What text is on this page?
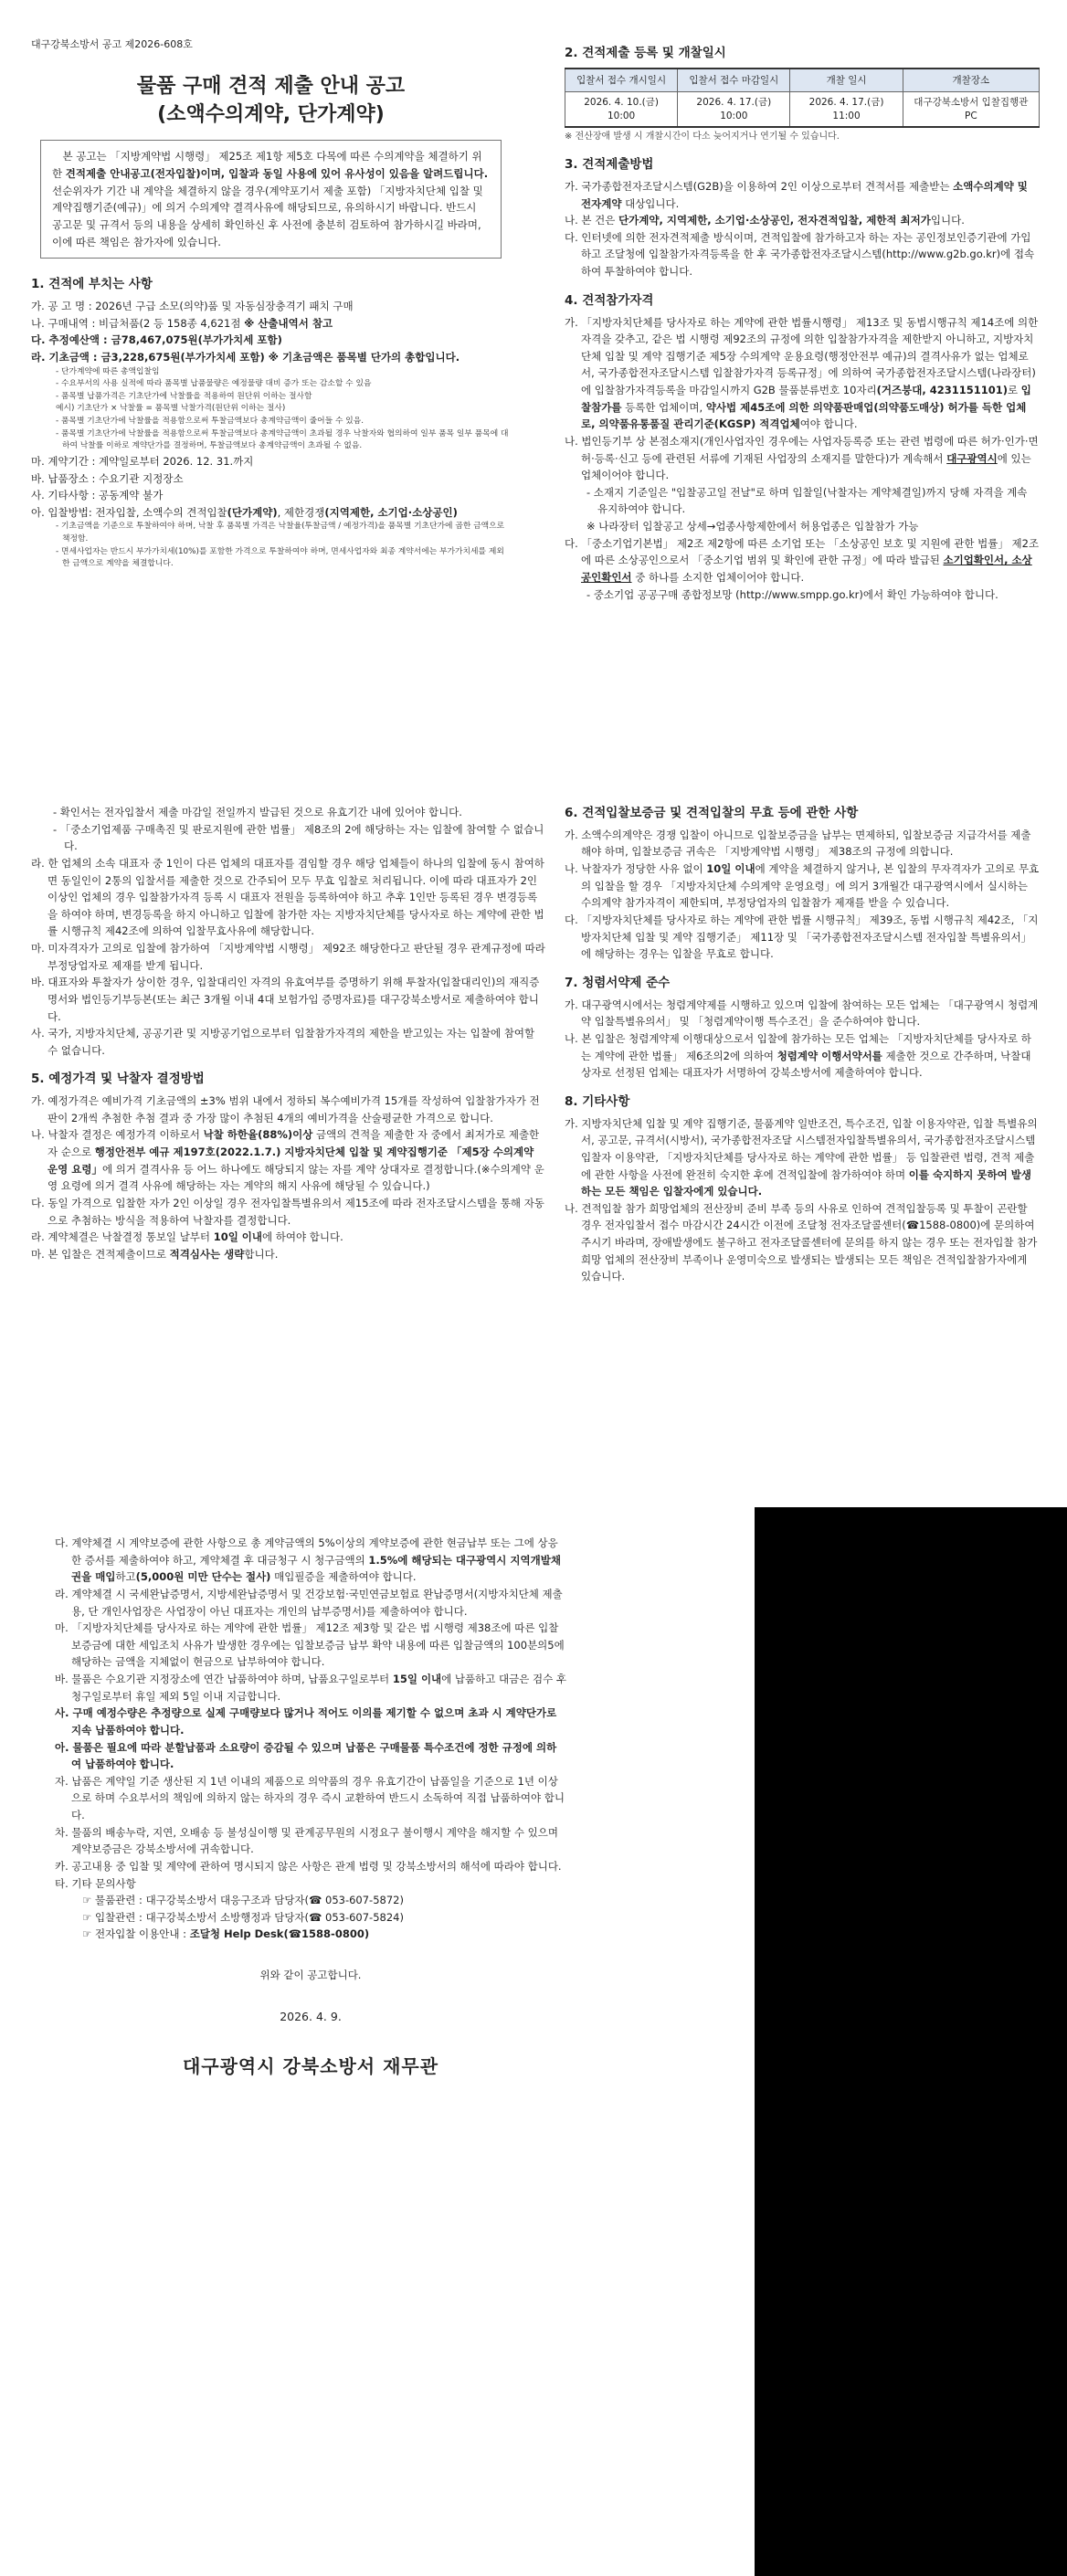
대구강북소방서 공고 제2026-608호
물품 구매 견적 제출 안내 공고
(소액수의계약, 단가계약)

본 공고는 「지방계약법 시행령」 제25조 제1항 제5호 다목에 따른 수의계약을 체결하기 위한 견적제출 안내공고(전자입찰)이며, 입찰과 동일 사용에 있어 유사성이 있음을 알려드립니다. 선순위자가 기간 내 계약을 체결하지 않을 경우(계약포기서 제출 포함) 「지방자치단체 입찰 및 계약집행기준(예규)」에 의거 수의계약 결격사유에 해당되므로, 유의하시기 바랍니다. 반드시 공고문 및 규격서 등의 내용을 상세히 확인하신 후 사전에 충분히 검토하여 참가하시길 바라며, 이에 따른 책임은 참가자에 있습니다.

1. 견적에 부치는 사항
가. 공 고 명 : 2026년 구급 소모(의약)품 및 자동심장충격기 패치 구매
나. 구매내역 : 비급처품(2 등 158종 4,621점 ※ 산출내역서 참고
다. 추정예산액 : 금78,467,075원(부가가치세 포함)
라. 기초금액 : 금3,228,675원(부가가치세 포함) ※ 기초금액은 품목별 단가의 총합입니다.
- 단가계약에 따른 총액입찰임
- 수요부서의 사용 실적에 따라 품목별 납품물량은 예정물량 대비 증가 또는 감소할 수 있음
- 품목별 납품가격은 기초단가에 낙찰률을 적용하여 원단위 이하는 절사함
예시) 기초단가 × 낙찰률 = 품목별 낙찰가격(원단위 이하는 절사)
- 품목별 기초단가에 낙찰률을 적용함으로써 투찰금액보다 총계약금액이 줄어들 수 있음.
- 품목별 기초단가에 낙찰률을 적용함으로써 투찰금액보다 총계약금액이 초과될 경우 낙찰자와 협의하여 일부 품목 일부 품목에 대하여 낙찰률 이하로 계약단가를 결정하며, 투찰금액보다 총계약금액이 초과될 수 없음.
마. 계약기간 : 계약일로부터 2026. 12. 31.까지
바. 납품장소 : 수요기관 지정장소
사. 기타사항 : 공동계약 불가
아. 입찰방법: 전자입찰, 소액수의 견적입찰(단가계약), 제한경쟁(지역제한, 소기업·소상공인)
- 기초금액을 기준으로 투찰하여야 하며, 낙찰 후 품목별 가격은 낙찰율(투찰금액 / 예정가격)을 품목별 기초단가에 곱한 금액으로 책정함.
- 면세사업자는 반드시 부가가치세(10%)를 포함한 가격으로 투찰하여야 하며, 면세사업자와 최종 계약서에는 부가가치세를 제외한 금액으로 계약을 체결합니다.
2. 견적제출 등록 및 개찰일시
입찰서 접수 개시일시	입찰서 접수 마감일시	개찰 일시	개찰장소
2026. 4. 10.(금) 10:00	2026. 4. 17.(금) 10:00	2026. 4. 17.(금) 11:00	대구강북소방서 입찰집행관 PC
※ 전산장애 발생 시 개찰시간이 다소 늦어지거나 연기될 수 있습니다.
3. 견적제출방법
가. 국가종합전자조달시스템(G2B)을 이용하여 2인 이상으로부터 견적서를 제출받는 소액수의계약 및 전자계약 대상입니다.
나. 본 건은 단가계약, 지역제한, 소기업·소상공인, 전자견적입찰, 제한적 최저가입니다.
다. 인터넷에 의한 전자견적제출 방식이며, 견적입찰에 참가하고자 하는 자는 공인정보인증기관에 가입하고 조달청에 입찰참가자격등록을 한 후 국가종합전자조달시스템(http://www.g2b.go.kr)에 접속하여 투찰하여야 합니다.
4. 견적참가자격
가. 「지방자치단체를 당사자로 하는 계약에 관한 법률시행령」 제13조 및 동법시행규칙 제14조에 의한 자격을 갖추고, 같은 법 시행령 제92조의 규정에 의한 입찰참가자격을 제한받지 아니하고, 지방자치단체 입찰 및 계약 집행기준 제5장 수의계약 운용요령(행정안전부 예규)의 결격사유가 없는 업체로서, 국가종합전자조달시스템 입찰참가자격 등록규정」에 의하여 국가종합전자조달시스템(나라장터)에 입찰참가자격등록을 마감일시까지 G2B 물품분류번호 10자리(거즈붕대, 4231151101)로 입찰참가를 등록한 업체이며, 약사법 제45조에 의한 의약품판매업(의약품도매상) 허가를 득한 업체로, 의약품유통품질 관리기준(KGSP) 적격업체여야 합니다.
나. 법인등기부 상 본점소재지(개인사업자인 경우에는 사업자등록증 또는 관련 법령에 따른 허가·인가·면허·등록·신고 등에 관련된 서류에 기재된 사업장의 소재지를 말한다)가 계속해서 대구광역시에 있는 업체이어야 합니다.
- 소재지 기준일은 "입찰공고일 전날"로 하며 입찰일(낙찰자는 계약체결일)까지 당해 자격을 계속 유지하여야 합니다.
※ 나라장터 입찰공고 상세→업종사항제한에서 허용업종은 입찰참가 가능
다. 「중소기업기본법」 제2조 제2항에 따른 소기업 또는 「소상공인 보호 및 지원에 관한 법률」 제2조에 따른 소상공인으로서 「중소기업 범위 및 확인에 관한 규정」에 따라 발급된 소기업확인서, 소상공인확인서 중 하나를 소지한 업체이어야 합니다.
- 중소기업 공공구매 종합정보망 (http://www.smpp.go.kr)에서 확인 가능하여야 합니다.
- 확인서는 전자입찰서 제출 마감일 전일까지 발급된 것으로 유효기간 내에 있어야 합니다.
- 「중소기업제품 구매촉진 및 판로지원에 관한 법률」 제8조의 2에 해당하는 자는 입찰에 참여할 수 없습니다.
라. 한 업체의 소속 대표자 중 1인이 다른 업체의 대표자를 겸임할 경우 해당 업체들이 하나의 입찰에 동시 참여하면 동일인이 2통의 입찰서를 제출한 것으로 간주되어 모두 무효 입찰로 처리됩니다. 이에 따라 대표자가 2인 이상인 업체의 경우 입찰참가자격 등록 시 대표자 전원을 등록하여야 하고 추후 1인만 등록된 경우 변경등록을 하여야 하며, 변경등록을 하지 아니하고 입찰에 참가한 자는 지방자치단체를 당사자로 하는 계약에 관한 법률 시행규칙 제42조에 의하여 입찰무효사유에 해당합니다.
마. 미자격자가 고의로 입찰에 참가하여 「지방계약법 시행령」 제92조 해당한다고 판단될 경우 관계규정에 따라 부정당업자로 제재를 받게 됩니다.
바. 대표자와 투찰자가 상이한 경우, 입찰대리인 자격의 유효여부를 증명하기 위해 투찰자(입찰대리인)의 재직증명서와 법인등기부등본(또는 최근 3개월 이내 4대 보험가입 증명자료)를 대구강북소방서로 제출하여야 합니다.
사. 국가, 지방자치단체, 공공기관 및 지방공기업으로부터 입찰참가자격의 제한을 받고있는 자는 입찰에 참여할 수 없습니다.
5. 예정가격 및 낙찰자 결정방법
가. 예정가격은 예비가격 기초금액의 ±3% 범위 내에서 정하되 복수예비가격 15개를 작성하여 입찰참가자가 전판이 2개씩 추첨한 추첨 결과 중 가장 많이 추첨된 4개의 예비가격을 산술평균한 가격으로 합니다.
나. 낙찰자 결정은 예정가격 이하로서 낙찰 하한율(88%)이상 금액의 견적을 제출한 자 중에서 최저가로 제출한 자 순으로 행정안전부 예규 제197호(2022.1.7.) 지방자치단체 입찰 및 계약집행기준 「제5장 수의계약 운영 요령」에 의거 결격사유 등 어느 하나에도 해당되지 않는 자를 계약 상대자로 결정합니다.(※수의계약 운영 요령에 의거 결격 사유에 해당하는 자는 계약의 해지 사유에 해당될 수 있습니다.)
다. 동일 가격으로 입찰한 자가 2인 이상일 경우 전자입찰특별유의서 제15조에 따라 전자조달시스템을 통해 자동으로 추첨하는 방식을 적용하여 낙찰자를 결정합니다.
라. 계약체결은 낙찰결정 통보일 날부터 10일 이내에 하여야 합니다.
마. 본 입찰은 견적제출이므로 적격심사는 생략합니다.
6. 견적입찰보증금 및 견적입찰의 무효 등에 관한 사항
가. 소액수의계약은 경쟁 입찰이 아니므로 입찰보증금을 납부는 면제하되, 입찰보증금 지급각서를 제출해야 하며, 입찰보증금 귀속은 「지방계약법 시행령」 제38조의 규정에 의합니다.
나. 낙찰자가 정당한 사유 없이 10일 이내에 계약을 체결하지 않거나, 본 입찰의 무자격자가 고의로 무효의 입찰을 할 경우 「지방자치단체 수의계약 운영요령」에 의거 3개월간 대구광역시에서 실시하는 수의계약 참가자격이 제한되며, 부정당업자의 입찰참가 제재를 받을 수 있습니다.
다. 「지방자치단체를 당사자로 하는 계약에 관한 법률 시행규칙」 제39조, 동법 시행규칙 제42조, 「지방자치단체 입찰 및 계약 집행기준」 제11장 및 「국가종합전자조달시스템 전자입찰 특별유의서」에 해당하는 경우는 입찰을 무효로 합니다.
7. 청렴서약제 준수
가. 대구광역시에서는 청렴계약제를 시행하고 있으며 입찰에 참여하는 모든 업체는 「대구광역시 청렴계약 입찰특별유의서」 및 「청렴계약이행 특수조건」을 준수하여야 합니다.
나. 본 입찰은 청렴계약제 이행대상으로서 입찰에 참가하는 모든 업체는 「지방자치단체를 당사자로 하는 계약에 관한 법률」 제6조의2에 의하여 청렴계약 이행서약서를 제출한 것으로 간주하며, 낙찰대상자로 선정된 업체는 대표자가 서명하여 강북소방서에 제출하여야 합니다.
8. 기타사항
가. 지방자치단체 입찰 및 계약 집행기준, 물품계약 일반조건, 특수조건, 입찰 이용자약관, 입찰 특별유의서, 공고문, 규격서(시방서), 국가종합전자조달 시스템전자입찰특별유의서, 국가종합전자조달시스템 입찰자 이용약관, 「지방자치단체를 당사자로 하는 계약에 관한 법률」 등 입찰관련 법령, 견적 제출에 관한 사항을 사전에 완전히 숙지한 후에 견적입찰에 참가하여야 하며 이를 숙지하지 못하여 발생하는 모든 책임은 입찰자에게 있습니다.
나. 견적입찰 참가 희망업체의 전산장비 준비 부족 등의 사유로 인하여 견적입찰등록 및 투찰이 곤란할 경우 전자입찰서 접수 마감시간 24시간 이전에 조달청 전자조달콜센터(☎1588-0800)에 문의하여 주시기 바라며, 장애발생에도 불구하고 전자조달콜센터에 문의를 하지 않는 경우 또는 전자입찰 참가 희망 업체의 전산장비 부족이나 운영미숙으로 발생되는 발생되는 모든 책임은 견적입찰참가자에게 있습니다.
다. 계약체결 시 계약보증에 관한 사항으로 총 계약금액의 5%이상의 계약보증에 관한 현금납부 또는 그에 상응한 증서를 제출하여야 하고, 계약체결 후 대금청구 시 청구금액의 1.5%에 해당되는 대구광역시 지역개발채권을 매입하고(5,000원 미만 단수는 절사) 매입필증을 제출하여야 합니다.
라. 계약체결 시 국세완납증명서, 지방세완납증명서 및 건강보험·국민연금보험료 완납증명서(지방자치단체 제출용, 단 개인사업장은 사업장이 아닌 대표자는 개인의 납부증명서)를 제출하여야 합니다.
마. 「지방자치단체를 당사자로 하는 계약에 관한 법률」 제12조 제3항 및 같은 법 시행령 제38조에 따른 입찰보증금에 대한 세입조치 사유가 발생한 경우에는 입찰보증금 납부 확약 내용에 따른 입찰금액의 100분의5에 해당하는 금액을 지체없이 현금으로 납부하여야 합니다.
바. 물품은 수요기관 지정장소에 연간 납품하여야 하며, 납품요구일로부터 15일 이내에 납품하고 대금은 검수 후 청구일로부터 휴일 제외 5일 이내 지급합니다.
사. 구매 예정수량은 추정량으로 실제 구매량보다 많거나 적어도 이의를 제기할 수 없으며 초과 시 계약단가로 지속 납품하여야 합니다.
아. 물품은 필요에 따라 분할납품과 소요량이 증감될 수 있으며 납품은 구매물품 특수조건에 정한 규정에 의하여 납품하여야 합니다.
자. 납품은 계약일 기준 생산된 지 1년 이내의 제품으로 의약품의 경우 유효기간이 납품일을 기준으로 1년 이상으로 하며 수요부서의 책임에 의하지 않는 하자의 경우 즉시 교환하여 반드시 소독하여 직접 납품하여야 합니다.
차. 물품의 배송누락, 지연, 오배송 등 불성실이행 및 관계공무원의 시정요구 불이행시 계약을 해지할 수 있으며 계약보증금은 강북소방서에 귀속합니다.
카. 공고내용 중 입찰 및 계약에 관하여 명시되지 않은 사항은 관계 법령 및 강북소방서의 해석에 따라야 합니다.
타. 기타 문의사항
☞ 물품관련 : 대구강북소방서 대응구조과 담당자(☎ 053-607-5872)
☞ 입찰관련 : 대구강북소방서 소방행정과 담당자(☎ 053-607-5824)
☞ 전자입찰 이용안내 : 조달청 Help Desk(☎1588-0800)
위와 같이 공고합니다.
2026. 4. 9.
대구광역시 강북소방서 재무관
